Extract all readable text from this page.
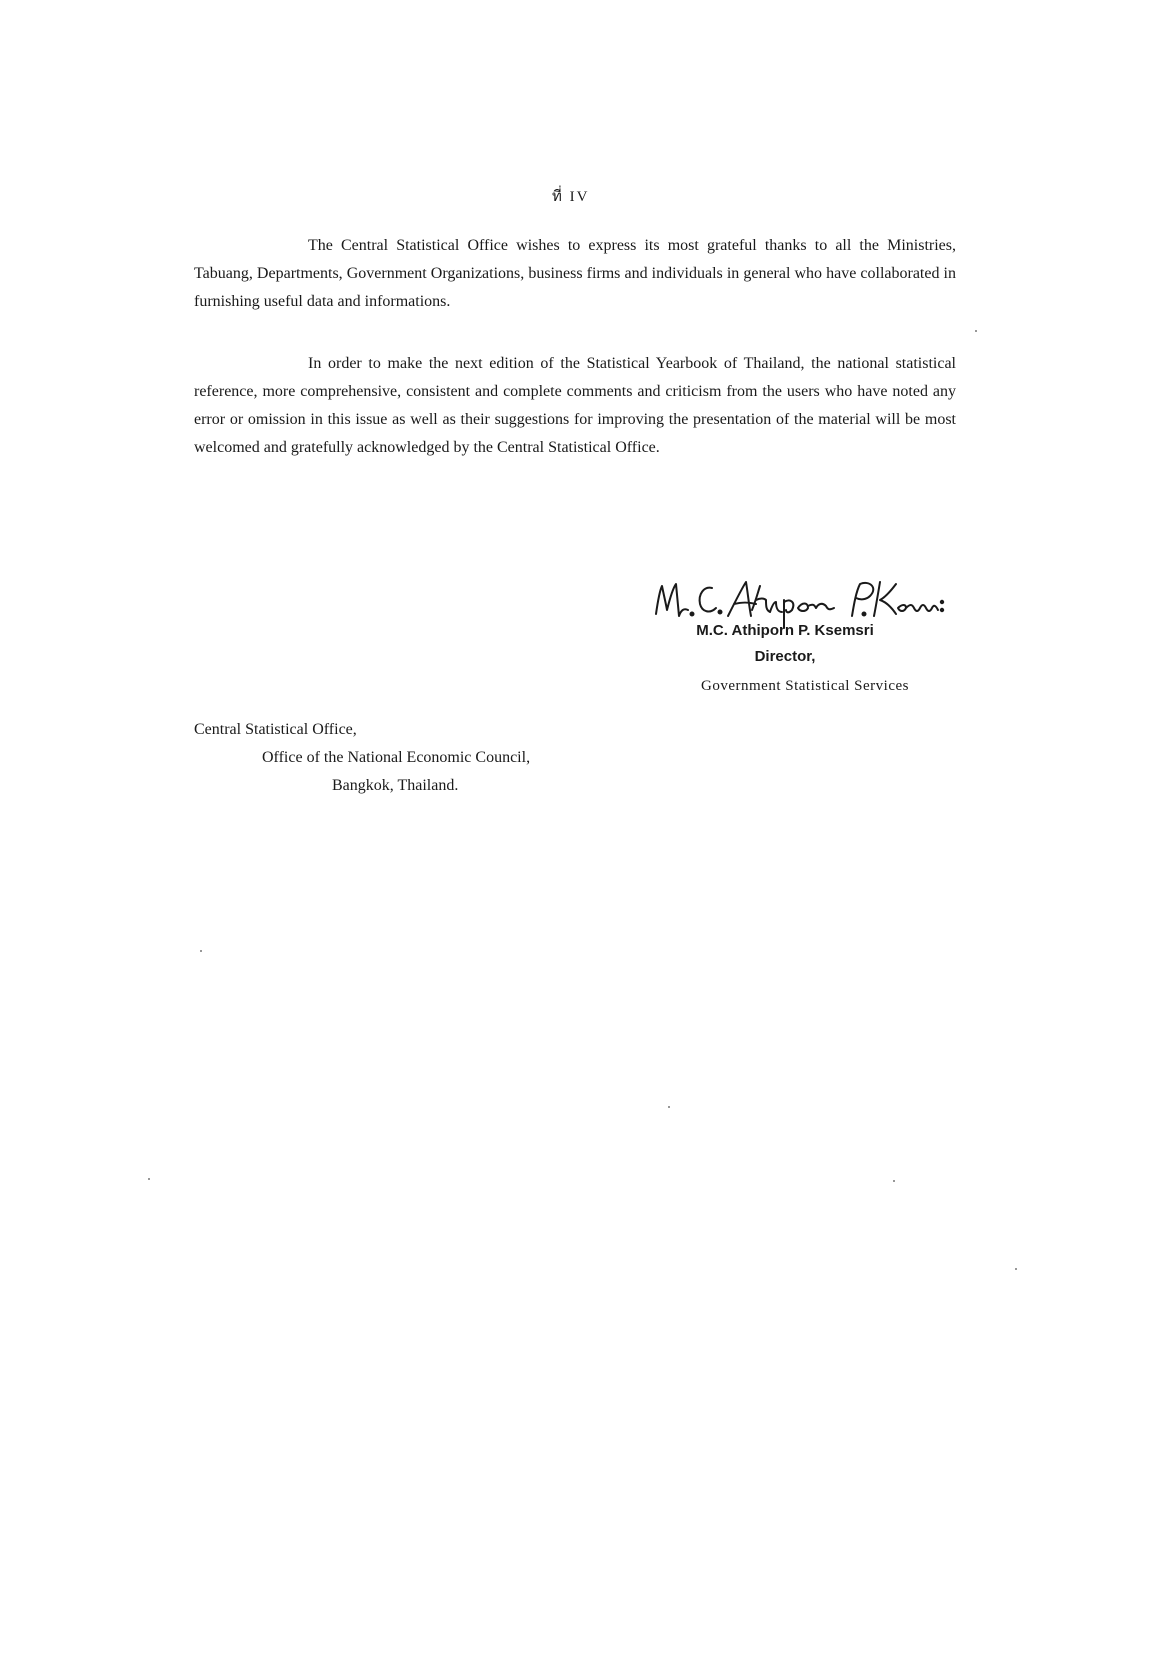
ที่ IV
The Central Statistical Office wishes to express its most grateful thanks to all the Ministries, Tabuang, Departments, Government Organizations, business firms and individuals in general who have collaborated in furnishing useful data and informations.
In order to make the next edition of the Statistical Yearbook of Thailand, the national statistical reference, more comprehensive, consistent and complete comments and criticism from the users who have noted any error or omission in this issue as well as their suggestions for improving the presentation of the material will be most welcomed and gratefully acknowledged by the Central Statistical Office.
M.C. Athiporn P. Ksemsri
Director,
Government Statistical Services
Central Statistical Office,
Office of the National Economic Council,
Bangkok, Thailand.
